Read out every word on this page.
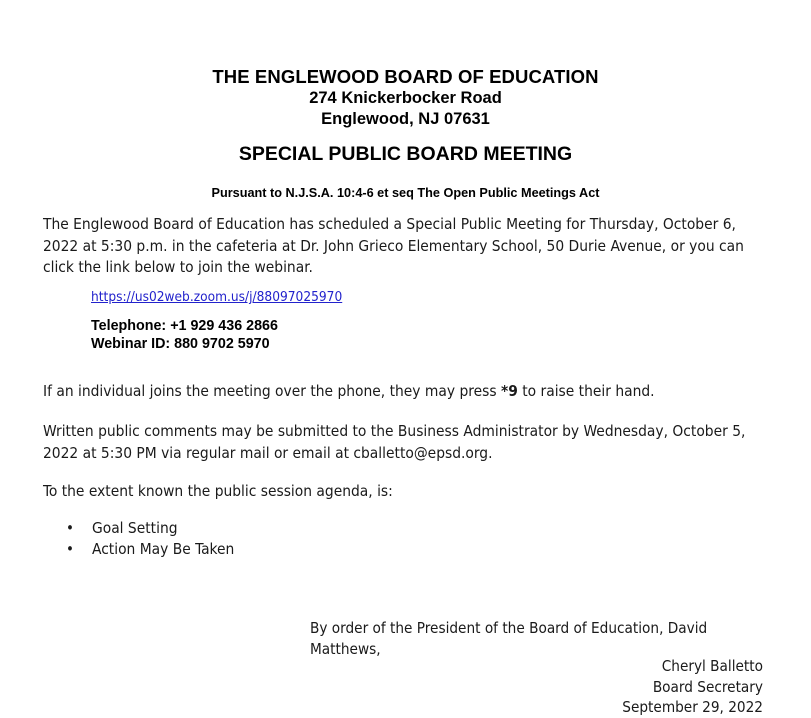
THE ENGLEWOOD BOARD OF EDUCATION
274 Knickerbocker Road
Englewood, NJ 07631
SPECIAL PUBLIC BOARD MEETING
Pursuant to N.J.S.A. 10:4-6 et seq The Open Public Meetings Act
The Englewood Board of Education has scheduled a Special Public Meeting for Thursday, October 6, 2022 at 5:30 p.m. in the cafeteria at Dr. John Grieco Elementary School, 50 Durie Avenue, or you can click the link below to join the webinar.
https://us02web.zoom.us/j/88097025970
Telephone: +1 929 436 2866
Webinar ID: 880 9702 5970
If an individual joins the meeting over the phone, they may press *9 to raise their hand.
Written public comments may be submitted to the Business Administrator by Wednesday, October 5, 2022 at 5:30 PM via regular mail or email at cballetto@epsd.org.
To the extent known the public session agenda, is:
• Goal Setting
• Action May Be Taken
By order of the President of the Board of Education, David Matthews,
Cheryl Balletto
Board Secretary
September 29, 2022
